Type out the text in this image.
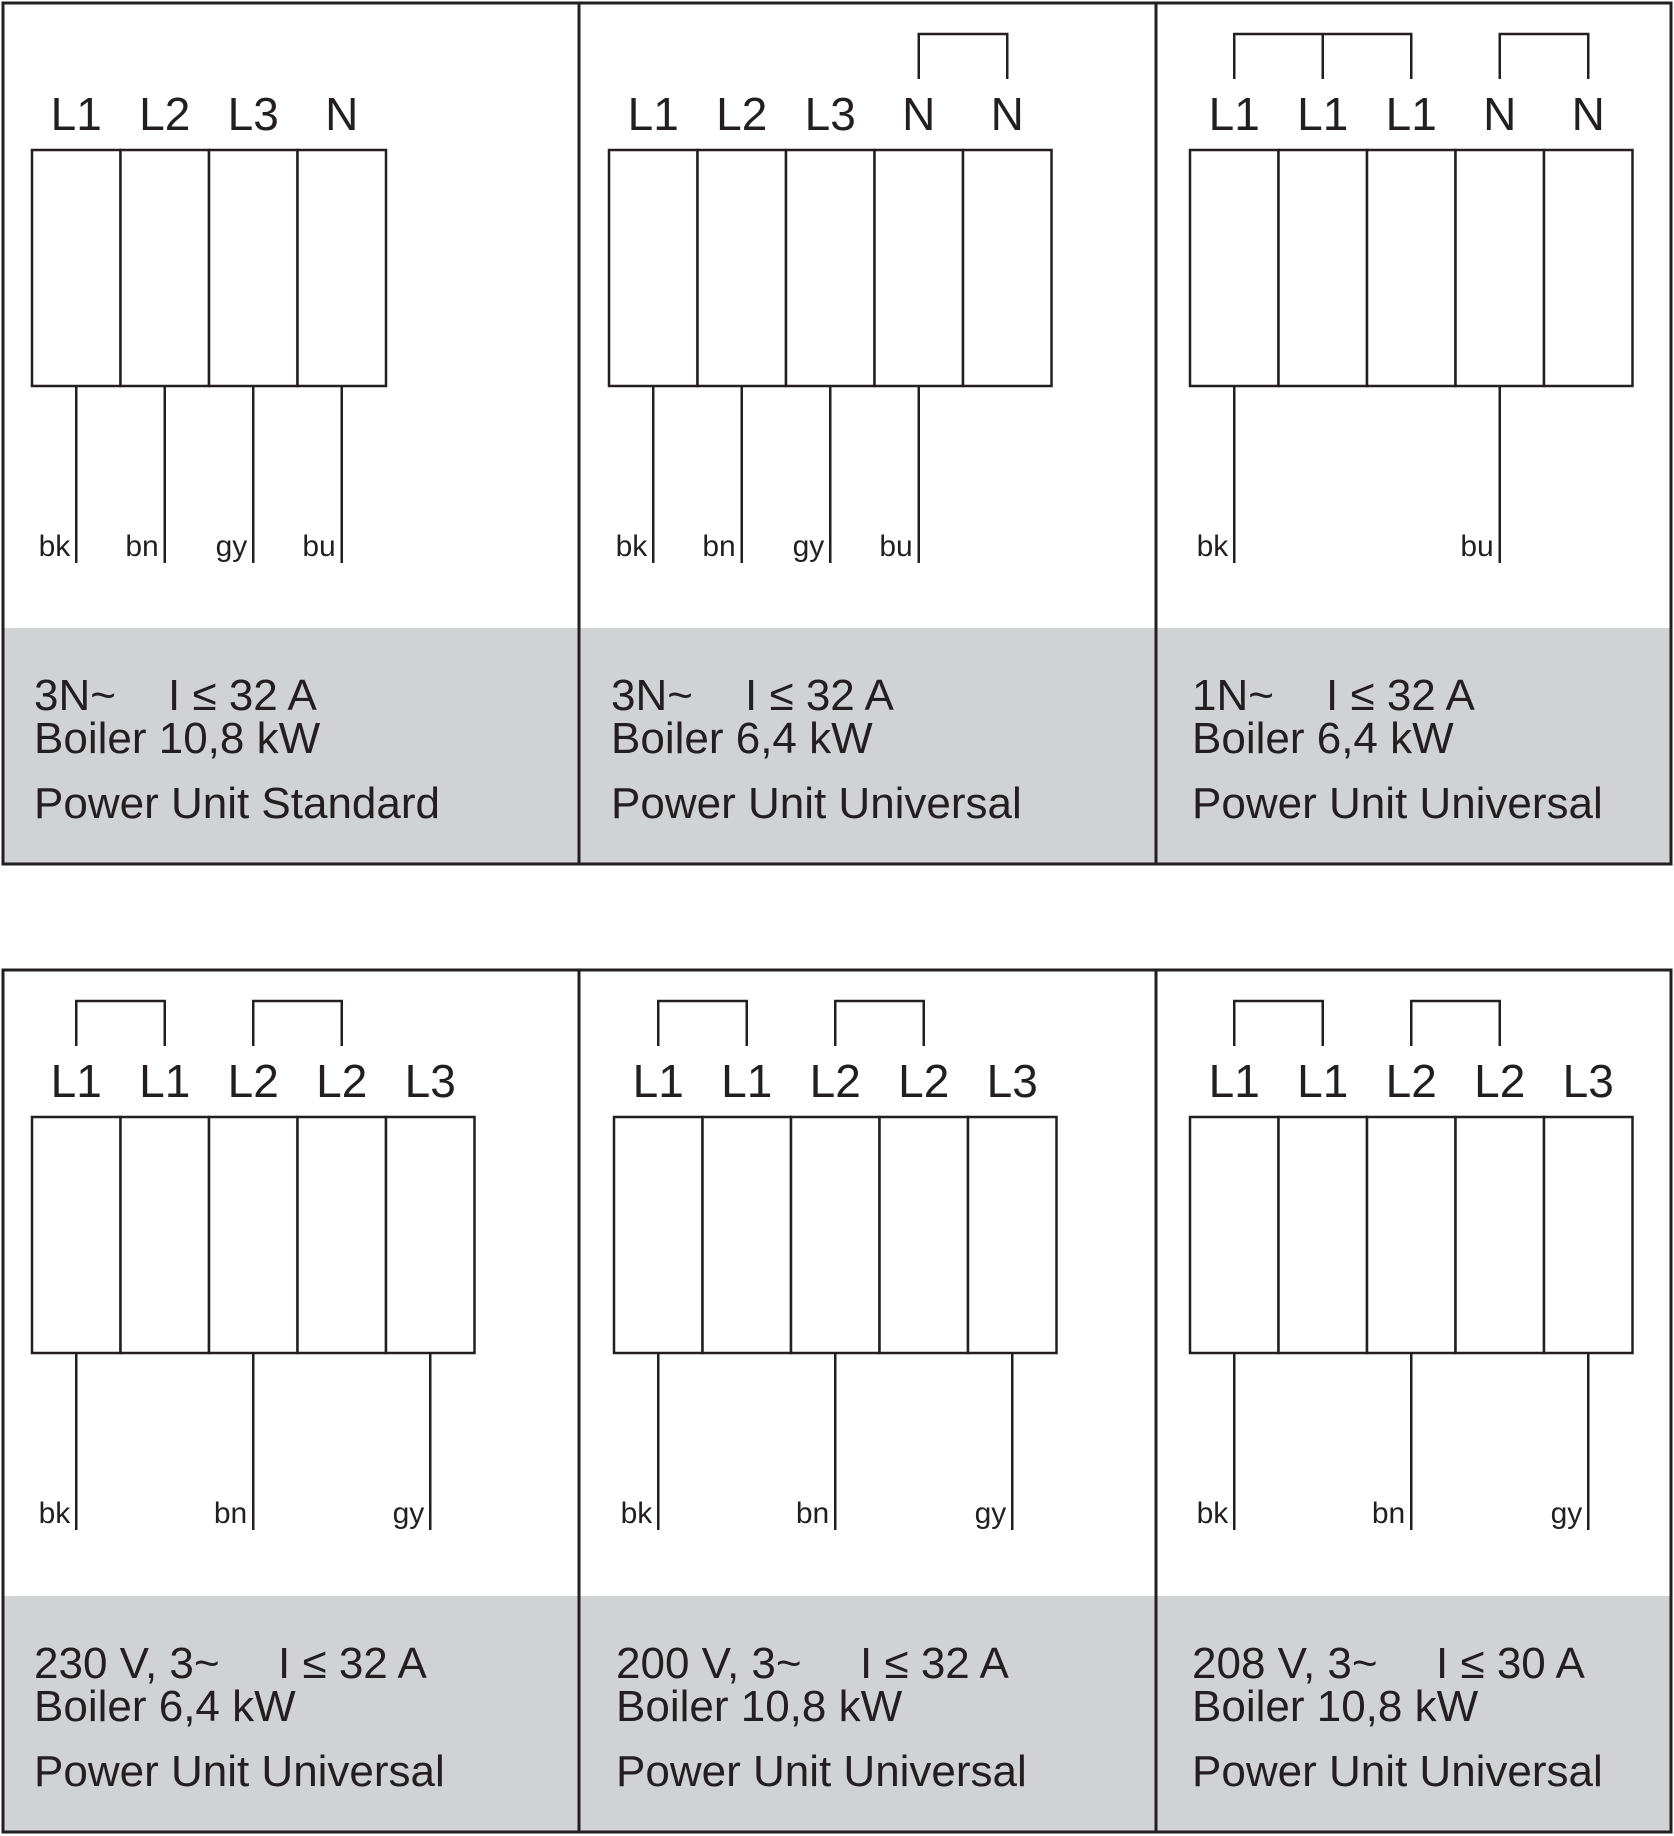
L1 L2 L3 N
bk bn gy bu
3N~ I ≤ 32 A
Boiler 10,8 kW
Power Unit Standard
L1 L2 L3 N N
bk bn gy bu
3N~ I ≤ 32 A
Boiler 6,4 kW
Power Unit Universal
L1 L1 L1 N N
bk	bu
1N~ I ≤ 32 A
Boiler 6,4 kW
Power Unit Universal
L1 L1 L2 L2 L3
bk	bn	gy
230 V, 3~ I ≤ 32 A
Boiler 6,4 kW
Power Unit Universal
L1 L1 L2 L2 L3
bk	bn	gy
200 V, 3~ I ≤ 32 A
Boiler 10,8 kW
Power Unit Universal
L1 L1 L2 L2 L3
bk	bn	gy
208 V, 3~ I ≤ 30 A
Boiler 10,8 kW
Power Unit Universal
